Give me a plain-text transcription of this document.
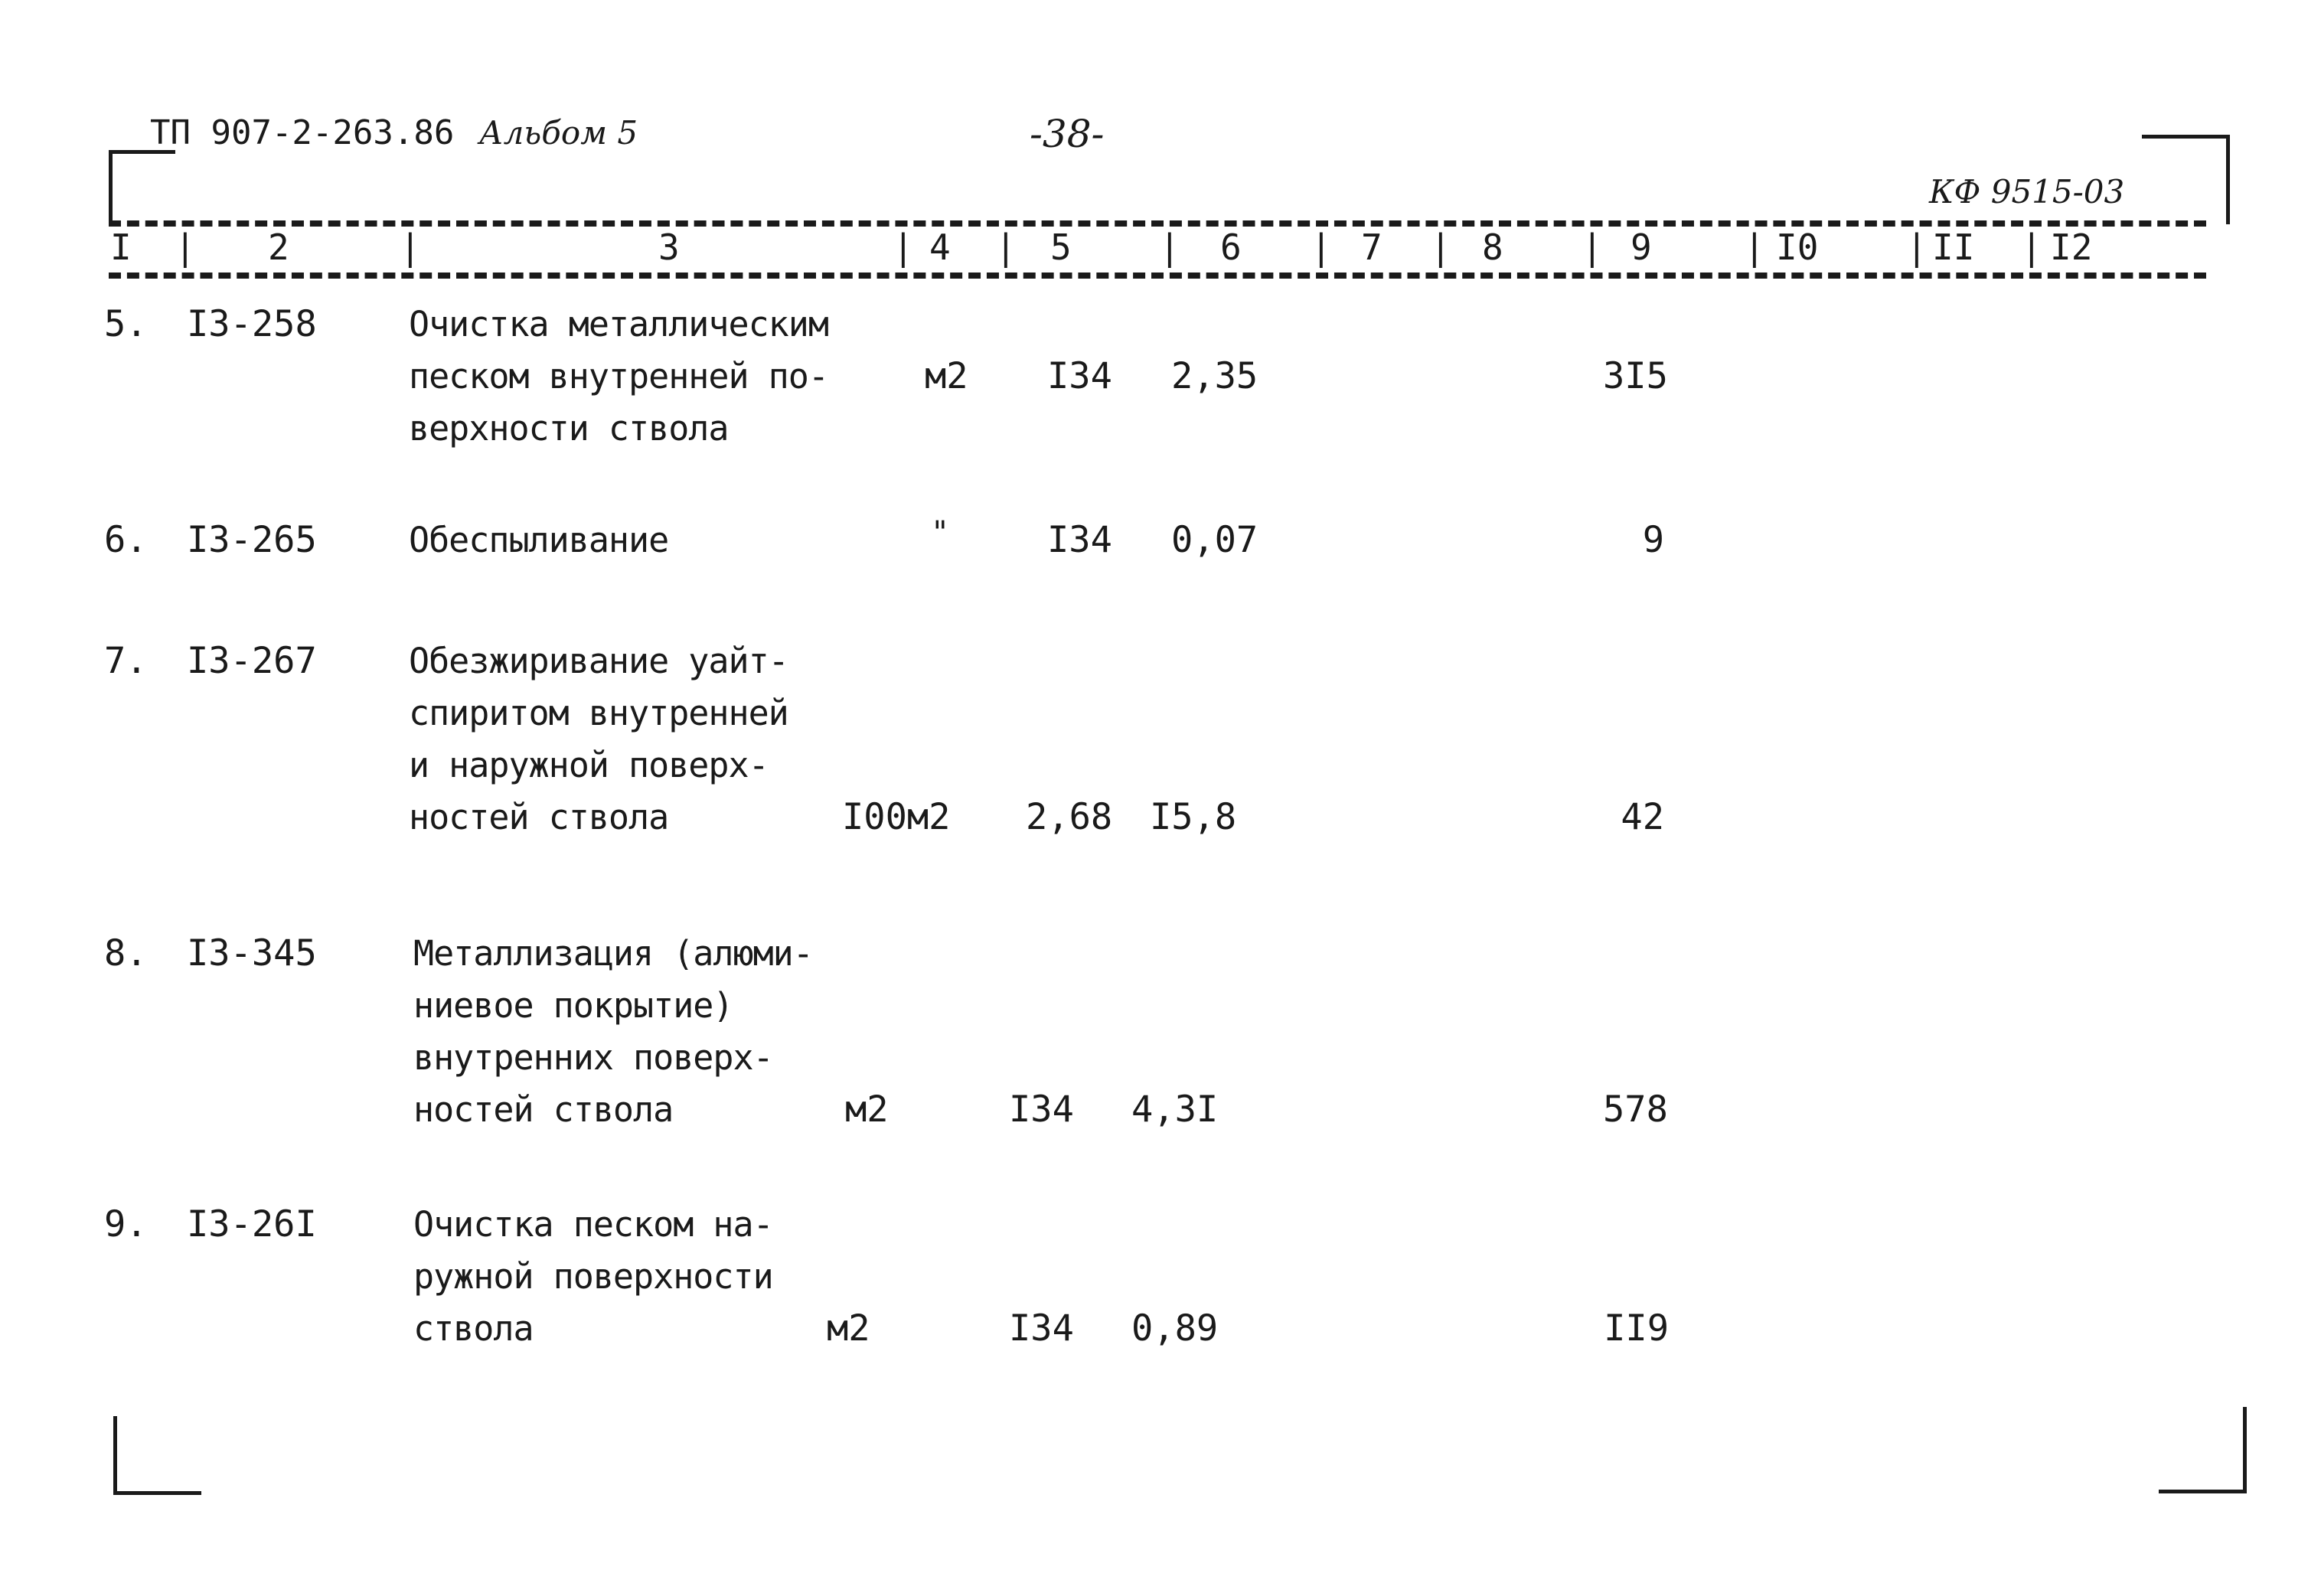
ТП 907-2-263.86 Альбом 5	-38-
КФ 9515-03
I | 2	|	3	| 4 | 5 | 6 | 7 | 8 | 9	| I0 | II | I2
5. I3-258	Очистка металлическим
песком внутренней по-
верхности ствола
м2 I34 2,35	3I5
6. I3-265	Обеспыливание	"	I34 0,07	9
7. I3-267	Обезжиривание уайт-
спиритом внутренней
и наружной поверх-
ностей ствола	I00м2 2,68 I5,8	42
8. I3-345	Металлизация (алюми-
ниевое покрытие)
внутренних поверх-
ностей ствола	м2	I34 4,3I	578
9. I3-26I	Очистка песком на-
ружной поверхности
ствола	м2	I34 0,89	II9
